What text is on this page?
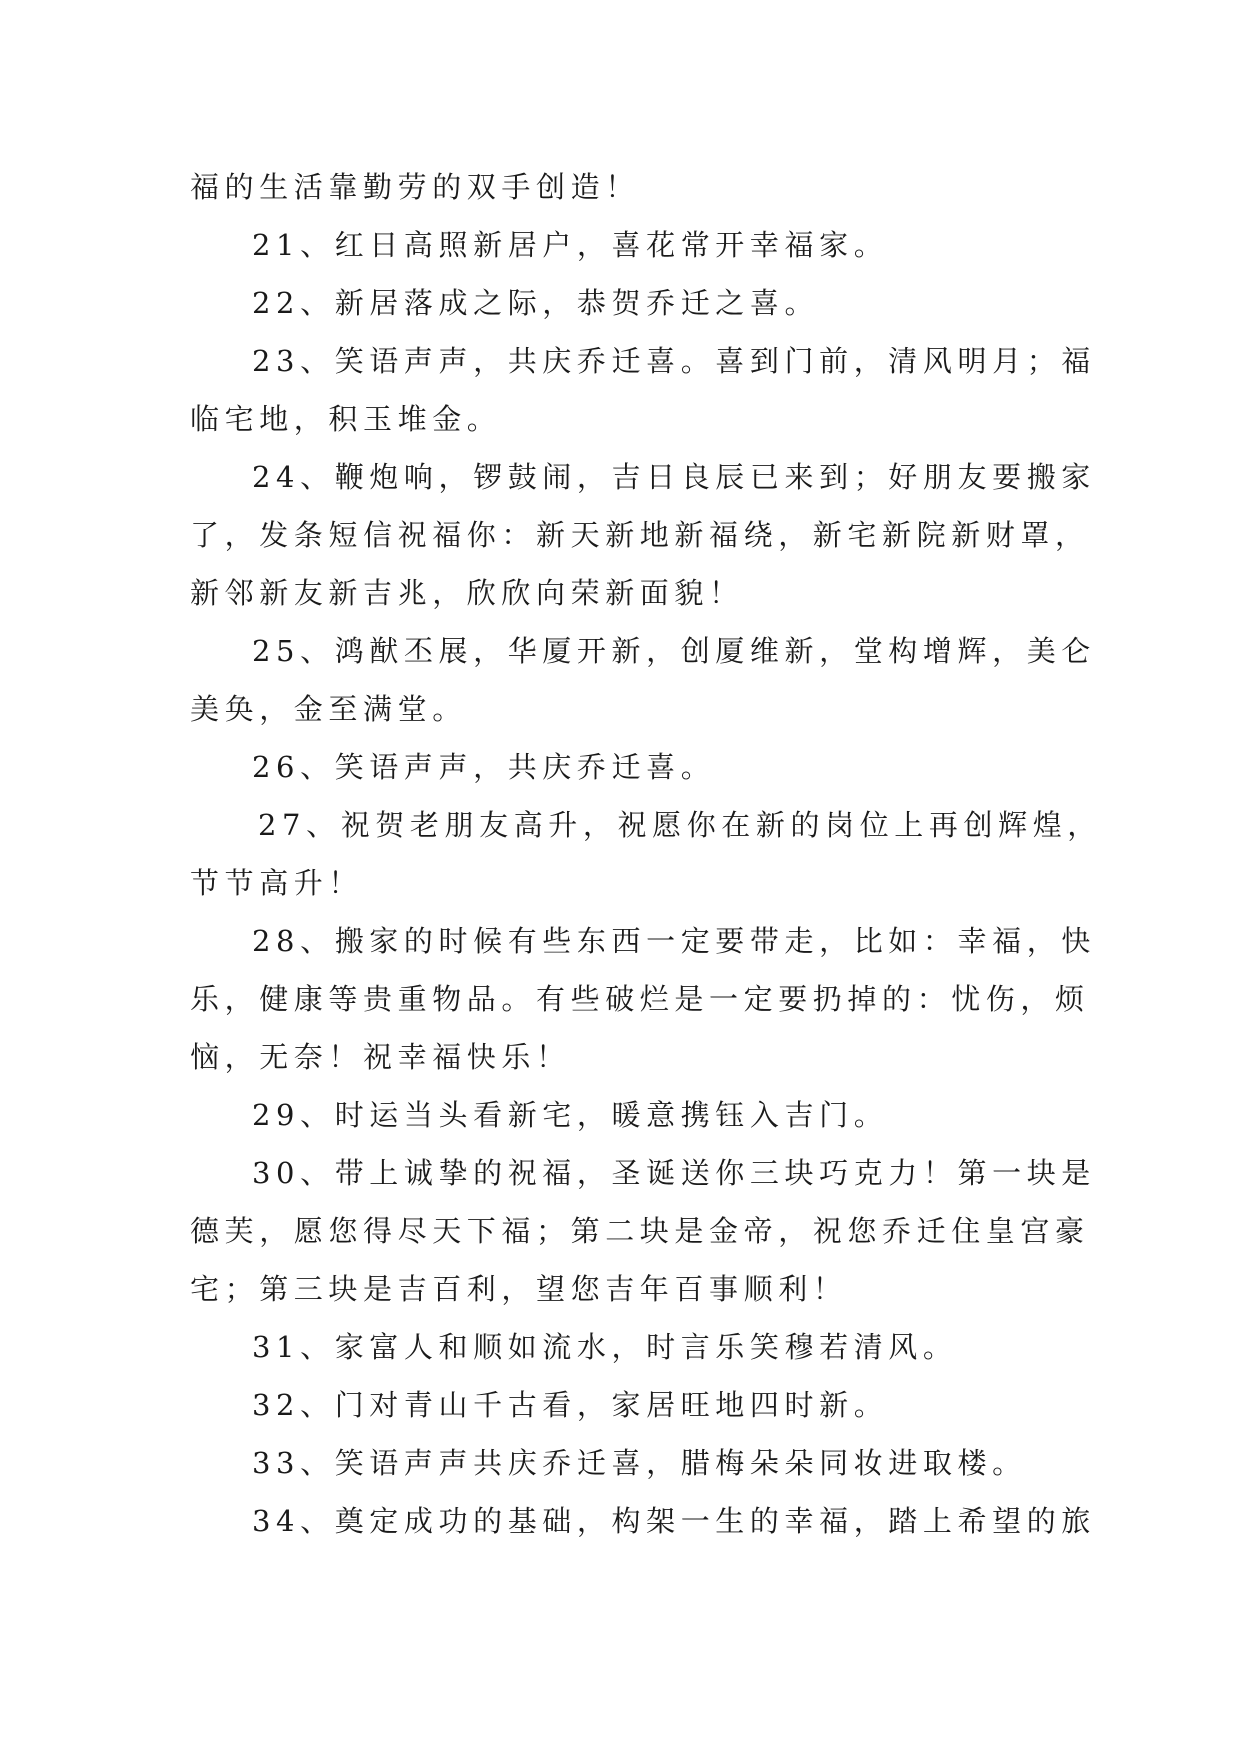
福的生活靠勤劳的双手创造！
21、红日高照新居户，喜花常开幸福家。
22、新居落成之际，恭贺乔迁之喜。
23、笑语声声，共庆乔迁喜。喜到门前，清风明月；福
临宅地，积玉堆金。
24、鞭炮响，锣鼓闹，吉日良辰已来到；好朋友要搬家
了，发条短信祝福你：新天新地新福绕，新宅新院新财罩，
新邻新友新吉兆，欣欣向荣新面貌！
25、鸿猷丕展，华厦开新，创厦维新，堂构增辉，美仑
美奂，金至满堂。
26、笑语声声，共庆乔迁喜。
27、祝贺老朋友高升，祝愿你在新的岗位上再创辉煌，
节节高升！
28、搬家的时候有些东西一定要带走，比如：幸福，快
乐，健康等贵重物品。有些破烂是一定要扔掉的：忧伤，烦
恼，无奈！祝幸福快乐！
29、时运当头看新宅，暖意携钰入吉门。
30、带上诚挚的祝福，圣诞送你三块巧克力！第一块是
德芙，愿您得尽天下福；第二块是金帝，祝您乔迁住皇宫豪
宅；第三块是吉百利，望您吉年百事顺利！
31、家富人和顺如流水，时言乐笑穆若清风。
32、门对青山千古看，家居旺地四时新。
33、笑语声声共庆乔迁喜，腊梅朵朵同妆进取楼。
34、奠定成功的基础，构架一生的幸福，踏上希望的旅
